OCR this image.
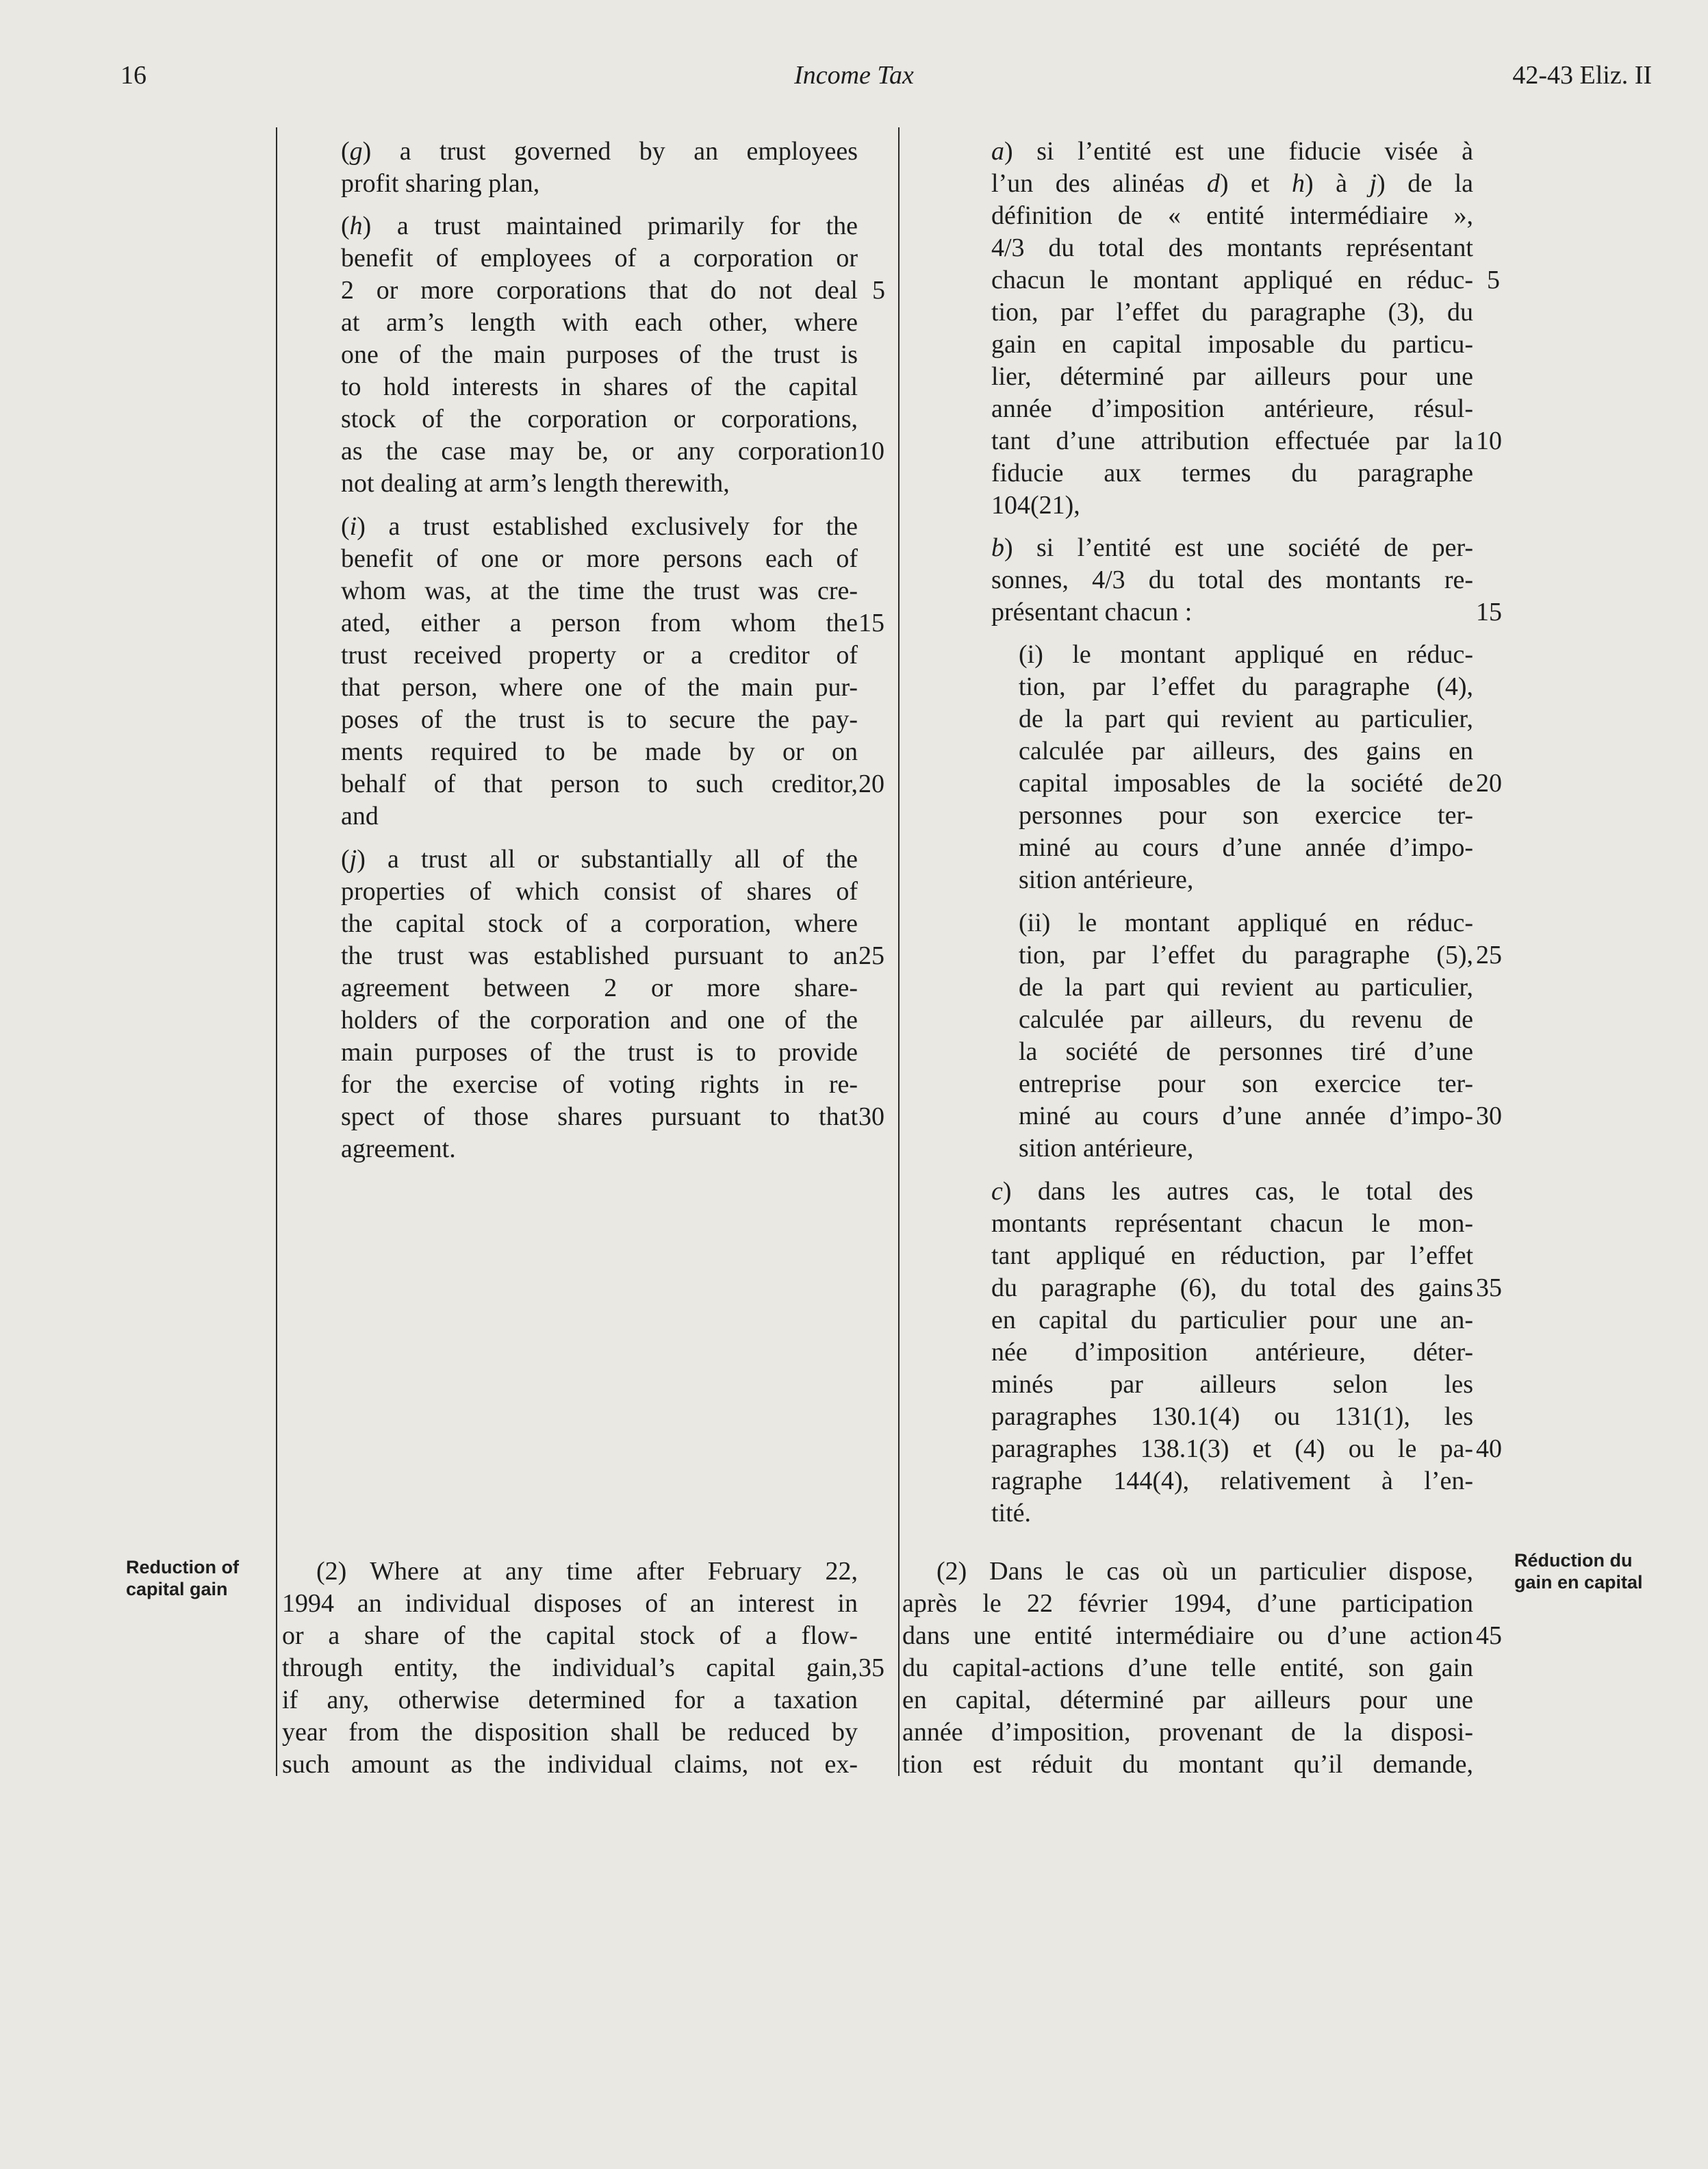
16	Income Tax	42-43 Eliz. II
(g) a trust governed by an employees
profit sharing plan,
(h) a trust maintained primarily for the
benefit of employees of a corporation or
2 or more corporations that do not deal
at arm’s length with each other, where
one of the main purposes of the trust is
to hold interests in shares of the capital
stock of the corporation or corporations,
as the case may be, or any corporation
not dealing at arm’s length therewith,
(i) a trust established exclusively for the
benefit of one or more persons each of
whom was, at the time the trust was cre-
ated, either a person from whom the
trust received property or a creditor of
that person, where one of the main pur-
poses of the trust is to secure the pay-
ments required to be made by or on
behalf of that person to such creditor,
and
(j) a trust all or substantially all of the
properties of which consist of shares of
the capital stock of a corporation, where
the trust was established pursuant to an
agreement between 2 or more share-
holders of the corporation and one of the
main purposes of the trust is to provide
for the exercise of voting rights in re-
spect of those shares pursuant to that
agreement.
(2) Where at any time after February 22,
1994 an individual disposes of an interest in
or a share of the capital stock of a flow-
through entity, the individual’s capital gain,
if any, otherwise determined for a taxation
year from the disposition shall be reduced by
such amount as the individual claims, not ex-
5
10
15
20
25
30
35
a) si l’entité est une fiducie visée à
l’un des alinéas d) et h) à j) de la
définition de « entité intermédiaire »,
4/3 du total des montants représentant
chacun le montant appliqué en réduc-
tion, par l’effet du paragraphe (3), du
gain en capital imposable du particu-
lier, déterminé par ailleurs pour une
année d’imposition antérieure, résul-
tant d’une attribution effectuée par la
fiducie aux termes du paragraphe
104(21),
b) si l’entité est une société de per-
sonnes, 4/3 du total des montants re-
présentant chacun :
(i) le montant appliqué en réduc-
tion, par l’effet du paragraphe (4),
de la part qui revient au particulier,
calculée par ailleurs, des gains en
capital imposables de la société de
personnes pour son exercice ter-
miné au cours d’une année d’impo-
sition antérieure,
(ii) le montant appliqué en réduc-
tion, par l’effet du paragraphe (5),
de la part qui revient au particulier,
calculée par ailleurs, du revenu de
la société de personnes tiré d’une
entreprise pour son exercice ter-
miné au cours d’une année d’impo-
sition antérieure,
c) dans les autres cas, le total des
montants représentant chacun le mon-
tant appliqué en réduction, par l’effet
du paragraphe (6), du total des gains
en capital du particulier pour une an-
née d’imposition antérieure, déter-
minés par ailleurs selon les
paragraphes 130.1(4) ou 131(1), les
paragraphes 138.1(3) et (4) ou le pa-
ragraphe 144(4), relativement à l’en-
tité.
(2) Dans le cas où un particulier dispose,
après le 22 février 1994, d’une participation
dans une entité intermédiaire ou d’une action
du capital-actions d’une telle entité, son gain
en capital, déterminé par ailleurs pour une
année d’imposition, provenant de la disposi-
tion est réduit du montant qu’il demande,
5
10
15
20
25
30
35
40
45
Reduction of
capital gain
Réduction du
gain en capital
